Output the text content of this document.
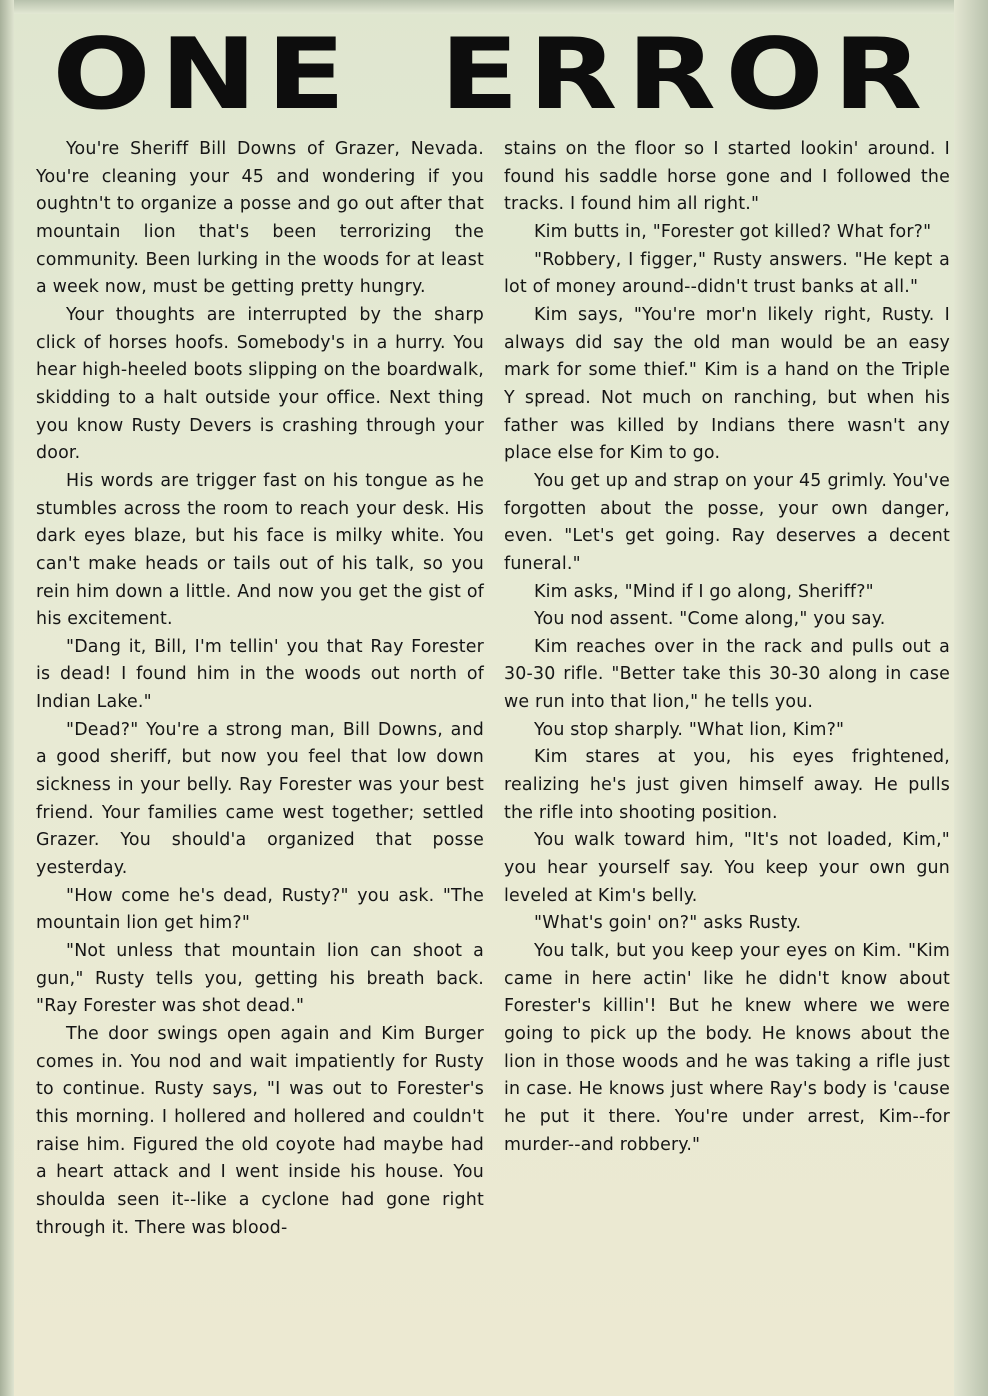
ONE ERROR

You're Sheriff Bill Downs of Grazer, Nevada. You're cleaning your 45 and wondering if you oughtn't to organize a posse and go out after that mountain lion that's been terrorizing the community. Been lurking in the woods for at least a week now, must be getting pretty hungry.

Your thoughts are interrupted by the sharp click of horses hoofs. Somebody's in a hurry. You hear high-heeled boots slipping on the boardwalk, skidding to a halt outside your office. Next thing you know Rusty Devers is crashing through your door.

His words are trigger fast on his tongue as he stumbles across the room to reach your desk. His dark eyes blaze, but his face is milky white. You can't make heads or tails out of his talk, so you rein him down a little. And now you get the gist of his excitement.

"Dang it, Bill, I'm tellin' you that Ray Forester is dead! I found him in the woods out north of Indian Lake."

"Dead?" You're a strong man, Bill Downs, and a good sheriff, but now you feel that low down sickness in your belly. Ray Forester was your best friend. Your families came west together; settled Grazer. You should'a organized that posse yesterday.

"How come he's dead, Rusty?" you ask. "The mountain lion get him?"

"Not unless that mountain lion can shoot a gun," Rusty tells you, getting his breath back. "Ray Forester was shot dead."

The door swings open again and Kim Burger comes in. You nod and wait impatiently for Rusty to continue. Rusty says, "I was out to Forester's this morning. I hollered and hollered and couldn't raise him. Figured the old coyote had maybe had a heart attack and I went inside his house. You shoulda seen it--like a cyclone had gone right through it. There was blood-

stains on the floor so I started lookin' around. I found his saddle horse gone and I followed the tracks. I found him all right."

Kim butts in, "Forester got killed? What for?"

"Robbery, I figger," Rusty answers. "He kept a lot of money around--didn't trust banks at all."

Kim says, "You're mor'n likely right, Rusty. I always did say the old man would be an easy mark for some thief." Kim is a hand on the Triple Y spread. Not much on ranching, but when his father was killed by Indians there wasn't any place else for Kim to go.

You get up and strap on your 45 grimly. You've forgotten about the posse, your own danger, even. "Let's get going. Ray deserves a decent funeral."

Kim asks, "Mind if I go along, Sheriff?"

You nod assent. "Come along," you say.

Kim reaches over in the rack and pulls out a 30-30 rifle. "Better take this 30-30 along in case we run into that lion," he tells you.

You stop sharply. "What lion, Kim?"

Kim stares at you, his eyes frightened, realizing he's just given himself away. He pulls the rifle into shooting position.

You walk toward him, "It's not loaded, Kim," you hear yourself say. You keep your own gun leveled at Kim's belly.

"What's goin' on?" asks Rusty.

You talk, but you keep your eyes on Kim. "Kim came in here actin' like he didn't know about Forester's killin'! But he knew where we were going to pick up the body. He knows about the lion in those woods and he was taking a rifle just in case. He knows just where Ray's body is 'cause he put it there. You're under arrest, Kim--for murder--and robbery."
